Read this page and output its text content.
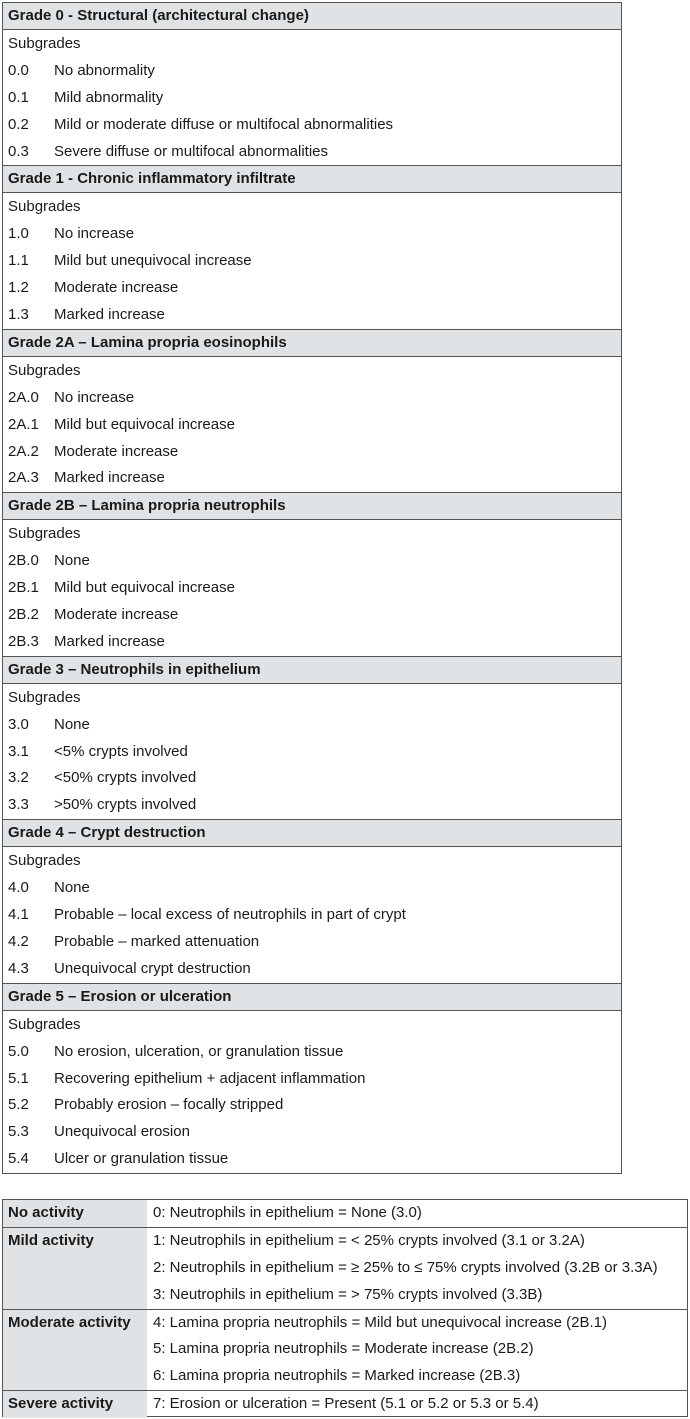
Grade 0 - Structural (architectural change)
Subgrades
0.0 No abnormality
0.1 Mild abnormality
0.2 Mild or moderate diffuse or multifocal abnormalities
0.3 Severe diffuse or multifocal abnormalities
Grade 1 - Chronic inflammatory infiltrate
Subgrades
1.0 No increase
1.1 Mild but unequivocal increase
1.2 Moderate increase
1.3 Marked increase
Grade 2A – Lamina propria eosinophils
Subgrades
2A.0 No increase
2A.1 Mild but equivocal increase
2A.2 Moderate increase
2A.3 Marked increase
Grade 2B – Lamina propria neutrophils
Subgrades
2B.0 None
2B.1 Mild but equivocal increase
2B.2 Moderate increase
2B.3 Marked increase
Grade 3 – Neutrophils in epithelium
Subgrades
3.0 None
3.1 <5% crypts involved
3.2 <50% crypts involved
3.3 >50% crypts involved
Grade 4 – Crypt destruction
Subgrades
4.0 None
4.1 Probable – local excess of neutrophils in part of crypt
4.2 Probable – marked attenuation
4.3 Unequivocal crypt destruction
Grade 5 – Erosion or ulceration
Subgrades
5.0 No erosion, ulceration, or granulation tissue
5.1 Recovering epithelium + adjacent inflammation
5.2 Probably erosion – focally stripped
5.3 Unequivocal erosion
5.4 Ulcer or granulation tissue
No activity	0: Neutrophils in epithelium = None (3.0)
Mild activity	1: Neutrophils in epithelium = < 25% crypts involved (3.1 or 3.2A)
2: Neutrophils in epithelium = ≥ 25% to ≤ 75% crypts involved (3.2B or 3.3A)
3: Neutrophils in epithelium = > 75% crypts involved (3.3B)
Moderate activity	4: Lamina propria neutrophils = Mild but unequivocal increase (2B.1)
5: Lamina propria neutrophils = Moderate increase (2B.2)
6: Lamina propria neutrophils = Marked increase (2B.3)
Severe activity	7: Erosion or ulceration = Present (5.1 or 5.2 or 5.3 or 5.4)
